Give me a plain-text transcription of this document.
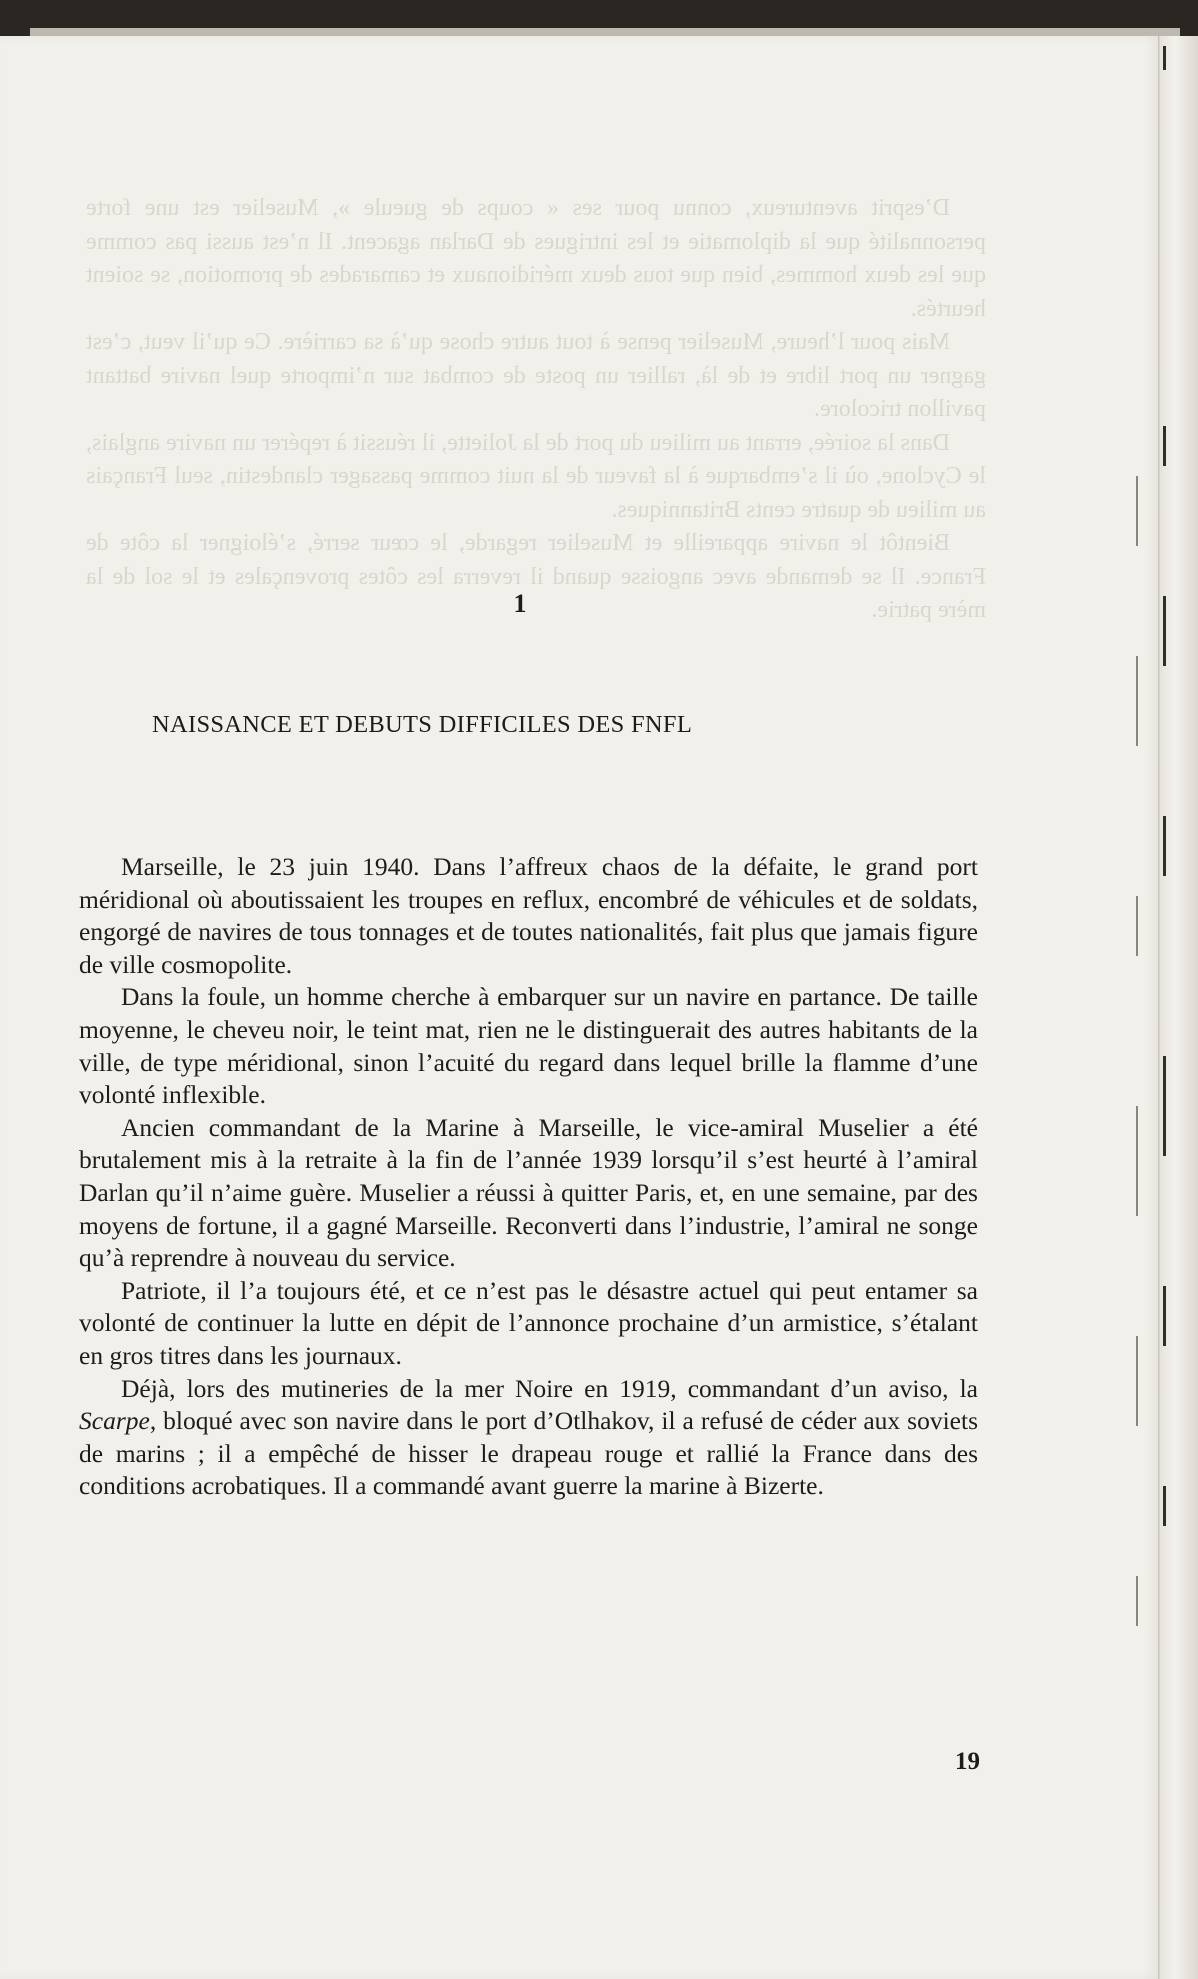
D’esprit aventureux, connu pour ses « coups de gueule », Muselier est une forte personnalité que la diplomatie et les intrigues de Darlan agacent. Il n’est aussi pas comme que les deux hommes, bien que tous deux méridionaux et camarades de promotion, se soient heurtés.

Mais pour l’heure, Muselier pense à tout autre chose qu’à sa carrière. Ce qu’il veut, c’est gagner un port libre et de là, rallier un poste de combat sur n’importe quel navire battant pavillon tricolore.

Dans la soirée, errant au milieu du port de la Joliette, il réussit à repérer un navire anglais, le Cyclone, où il s’embarque à la faveur de la nuit comme passager clandestin, seul Français au milieu de quatre cents Britanniques.

Bientôt le navire appareille et Muselier regarde, le cœur serré, s’éloigner la côte de France. Il se demande avec angoisse quand il reverra les côtes provençales et le sol de la mère patrie.

1
NAISSANCE ET DEBUTS DIFFICILES DES FNFL

Marseille, le 23 juin 1940. Dans l’affreux chaos de la défaite, le grand port méridional où aboutissaient les troupes en reflux, encombré de véhicules et de soldats, engorgé de navires de tous tonnages et de toutes nationalités, fait plus que jamais figure de ville cosmopolite.

Dans la foule, un homme cherche à embarquer sur un navire en partance. De taille moyenne, le cheveu noir, le teint mat, rien ne le distinguerait des autres habitants de la ville, de type méridional, sinon l’acuité du regard dans lequel brille la flamme d’une volonté inflexible.

Ancien commandant de la Marine à Marseille, le vice-amiral Muselier a été brutalement mis à la retraite à la fin de l’année 1939 lorsqu’il s’est heurté à l’amiral Darlan qu’il n’aime guère. Muselier a réussi à quitter Paris, et, en une semaine, par des moyens de fortune, il a gagné Marseille. Reconverti dans l’industrie, l’amiral ne songe qu’à reprendre à nouveau du service.

Patriote, il l’a toujours été, et ce n’est pas le désastre actuel qui peut entamer sa volonté de continuer la lutte en dépit de l’annonce prochaine d’un armistice, s’étalant en gros titres dans les journaux.

Déjà, lors des mutineries de la mer Noire en 1919, commandant d’un aviso, la Scarpe, bloqué avec son navire dans le port d’Otlhakov, il a refusé de céder aux soviets de marins ; il a empêché de hisser le drapeau rouge et rallié la France dans des conditions acrobatiques. Il a commandé avant guerre la marine à Bizerte.

19
